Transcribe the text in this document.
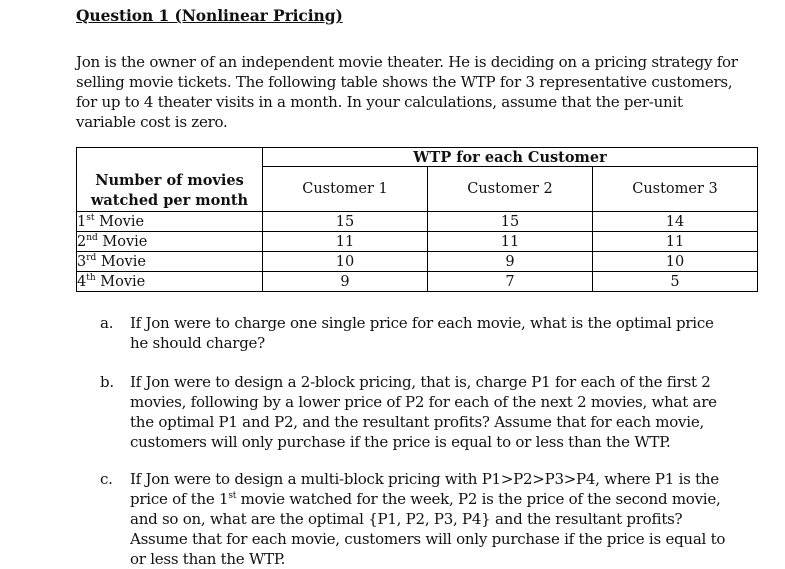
Question 1 (Nonlinear Pricing)
Jon is the owner of an independent movie theater. He is deciding on a pricing strategy for selling movie tickets. The following table shows the WTP for 3 representative customers, for up to 4 theater visits in a month. In your calculations, assume that the per-unit variable cost is zero.
Number of movies watched per month	WTP for each Customer		
	Customer 1	Customer 2	Customer 3
1st Movie	15	15	14
2nd Movie	11	11	11
3rd Movie	10	9	10
4th Movie	9	7	5
a.	If Jon were to charge one single price for each movie, what is the optimal price he should charge?
b.	If Jon were to design a 2-block pricing, that is, charge P1 for each of the first 2 movies, following by a lower price of P2 for each of the next 2 movies, what are the optimal P1 and P2, and the resultant profits? Assume that for each movie, customers will only purchase if the price is equal to or less than the WTP.
c.	If Jon were to design a multi-block pricing with P1>P2>P3>P4, where P1 is the price of the 1st movie watched for the week, P2 is the price of the second movie, and so on, what are the optimal {P1, P2, P3, P4} and the resultant profits? Assume that for each movie, customers will only purchase if the price is equal to or less than the WTP.
